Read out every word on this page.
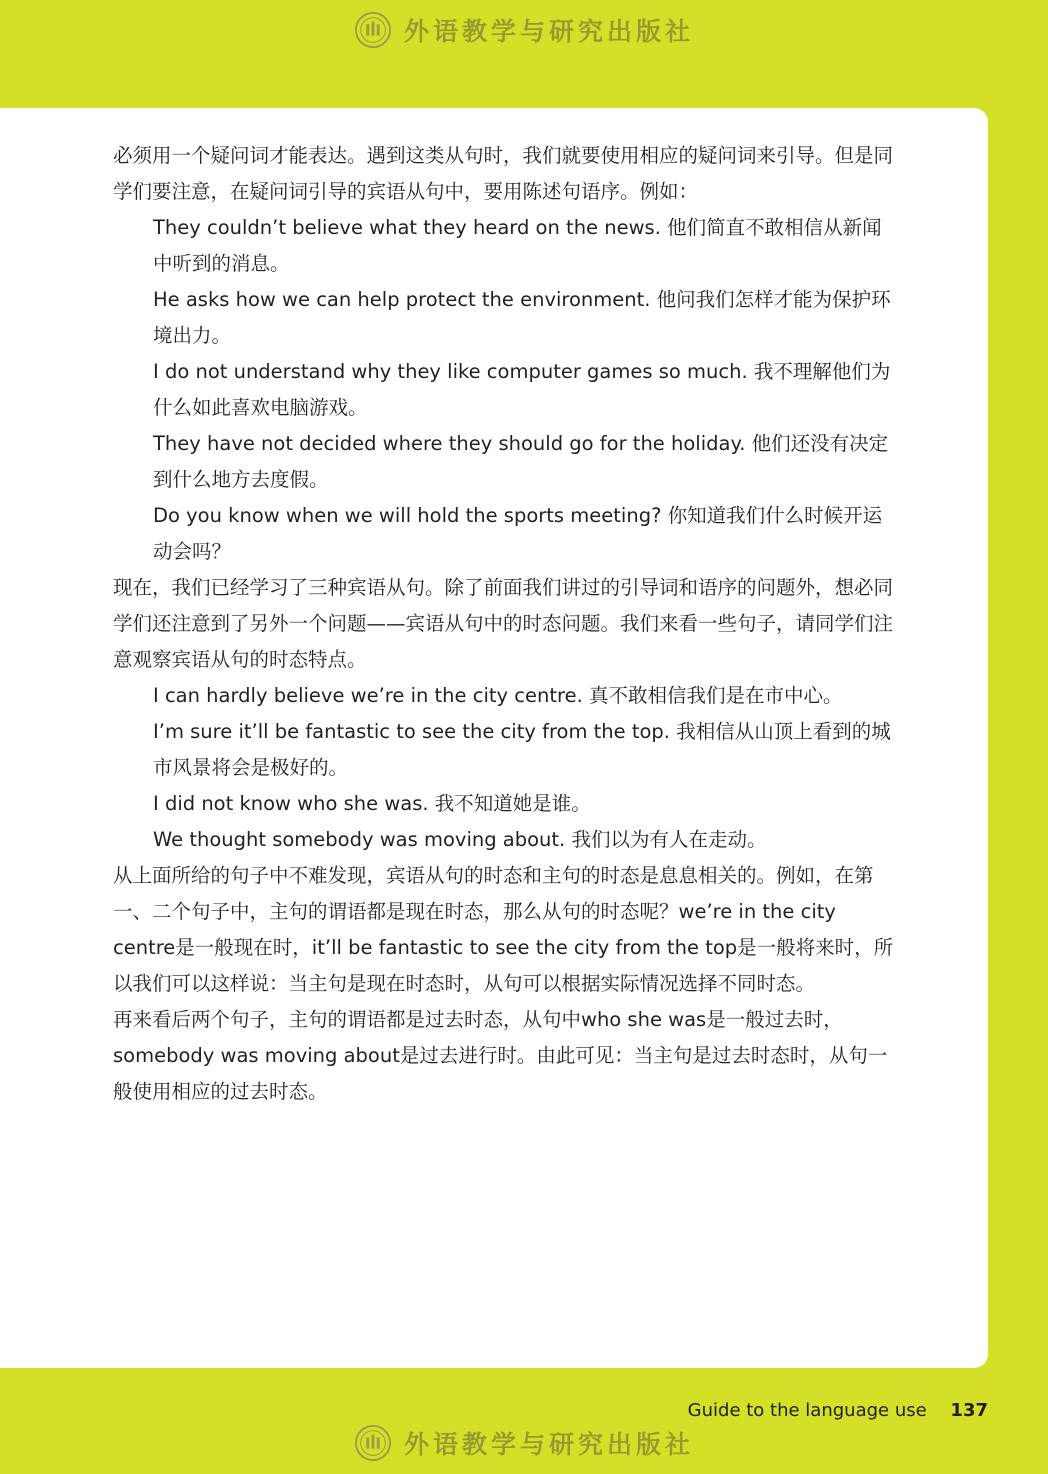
外语教学与研究出版社

必须用一个疑问词才能表达。遇到这类从句时，我们就要使用相应的疑问词来引导。但是同学们要注意，在疑问词引导的宾语从句中，要用陈述句语序。例如：

They couldn’t believe what they heard on the news. 他们简直不敢相信从新闻中听到的消息。

He asks how we can help protect the environment. 他问我们怎样才能为保护环境出力。

I do not understand why they like computer games so much. 我不理解他们为什么如此喜欢电脑游戏。

They have not decided where they should go for the holiday. 他们还没有决定到什么地方去度假。

Do you know when we will hold the sports meeting? 你知道我们什么时候开运动会吗？

现在，我们已经学习了三种宾语从句。除了前面我们讲过的引导词和语序的问题外，想必同学们还注意到了另外一个问题——宾语从句中的时态问题。我们来看一些句子，请同学们注意观察宾语从句的时态特点。

I can hardly believe we’re in the city centre. 真不敢相信我们是在市中心。

I’m sure it’ll be fantastic to see the city from the top. 我相信从山顶上看到的城市风景将会是极好的。

I did not know who she was. 我不知道她是谁。

We thought somebody was moving about. 我们以为有人在走动。

从上面所给的句子中不难发现，宾语从句的时态和主句的时态是息息相关的。例如，在第一、二个句子中，主句的谓语都是现在时态，那么从句的时态呢？we’re in the city centre是一般现在时，it’ll be fantastic to see the city from the top是一般将来时，所以我们可以这样说：当主句是现在时态时，从句可以根据实际情况选择不同时态。

再来看后两个句子，主句的谓语都是过去时态，从句中who she was是一般过去时，somebody was moving about是过去进行时。由此可见：当主句是过去时态时，从句一般使用相应的过去时态。

Guide to the language use 137
外语教学与研究出版社
